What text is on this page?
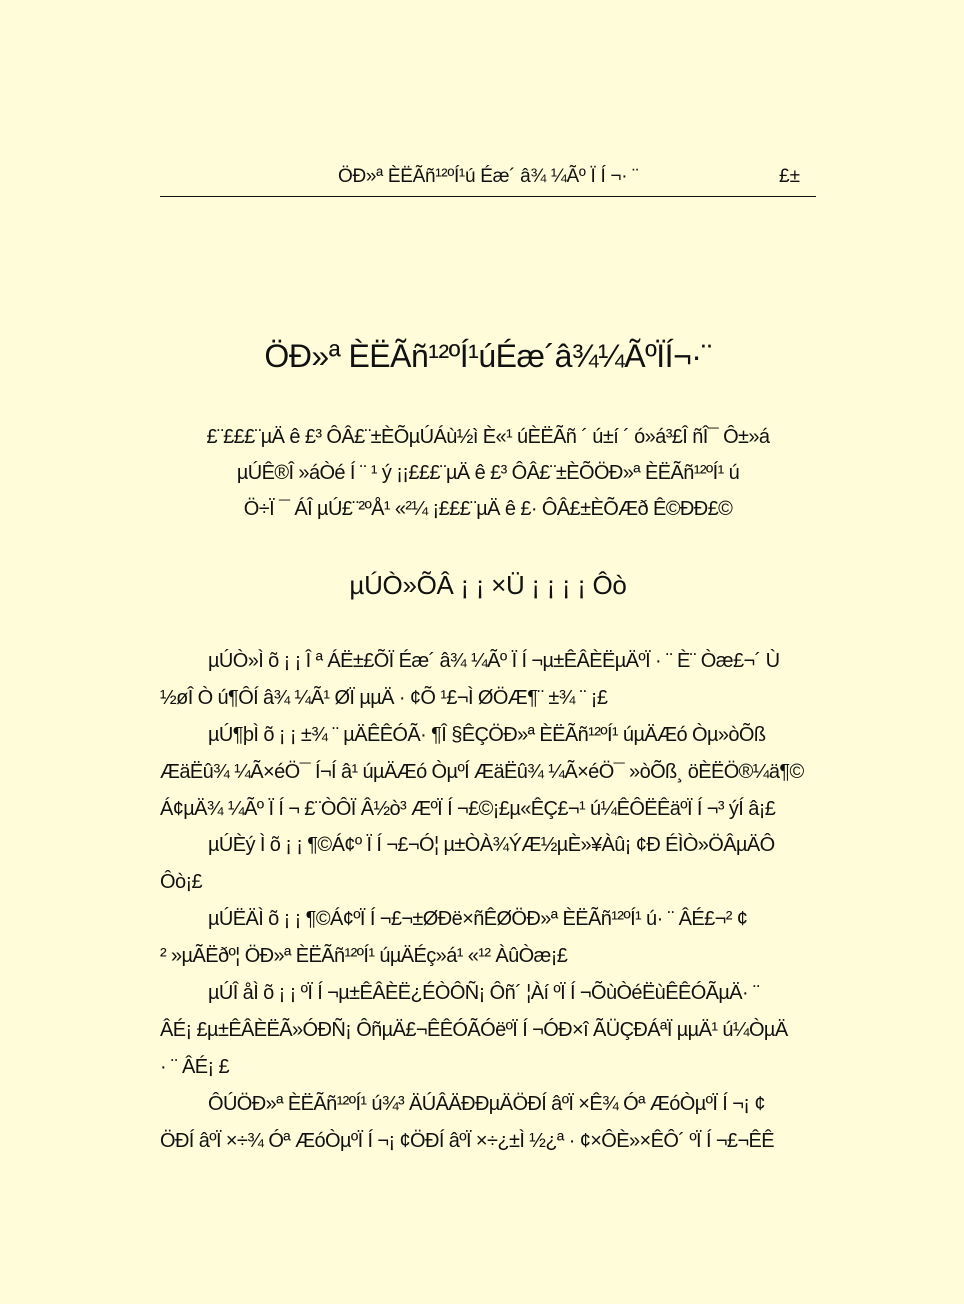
ÖÐ»ª ÈËÃñ¹²ºÍ¹ú Éæ´ â¾ ¼Ãº Ï Í ¬· ¨	£±
ÖÐ»ª ÈËÃñ¹²ºÍ¹úÉæ´â¾¼ÃºÏÍ¬·¨
£¨£££¨µÄ ê £³ ÔÂ£¨±ÈÕµÚÁù½ì È«¹ úÈËÃñ ´ ú±í ´ ó»á³£Î ñÎ¯ Ô±»á
µÚÊ®Î »áÒé Í ¨ ¹ ý ¡¡£££¨µÄ ê £³ ÔÂ£¨±ÈÕÖÐ»ª ÈËÃñ¹²ºÍ¹ ú
Ö÷Ï ¯ ÁÎ µÚ£¨²ºÅ¹ «²¼ ¡£££¨µÄ ê £· ÔÂ£±ÈÕÆð Ê©ÐÐ£©
µÚÒ»ÕÂ ¡ ¡ ×Ü ¡ ¡ ¡ ¡ Ôò
µÚÒ»Ì õ ¡ ¡ Î ª ÁË±£ÕÏ Éæ´ â¾ ¼Ãº Ï Í ¬µ±ÊÂÈËµÄºÏ · ¨ È¨ Òæ£¬´ Ù
½øÎ Ò ú¶ÔÍ â¾ ¼Ã¹ ØÏ µµÄ · ¢Õ ¹£¬Ì ØÖÆ¶¨ ±¾ ¨ ¡£
µÚ¶þÌ õ ¡ ¡ ±¾ ¨ µÄÊÊÓÃ· ¶Î §ÊÇÖÐ»ª ÈËÃñ¹²ºÍ¹ úµÄÆó Òµ»òÕß
ÆäËû¾ ¼Ã×éÖ¯ Í¬Í â¹ úµÄÆó ÒµºÍ ÆäËû¾ ¼Ã×éÖ¯ »òÕß¸ öÈËÖ®¼ä¶©
Á¢µÄ¾ ¼Ãº Ï Í ¬ £¨ÒÔÏ Â½ò³ ÆºÏ Í ¬£©¡£µ«ÊÇ£¬¹ ú¼ÊÔËÊäºÏ Í ¬³ ýÍ â¡£
µÚÈý Ì õ ¡ ¡ ¶©Á¢º Ï Í ¬£¬Ó¦ µ±ÒÀ¾ÝÆ½µÈ»¥Àû¡ ¢Ð ÉÌÒ»ÖÂµÄÔ
Ôò¡£
µÚËÄÌ õ ¡ ¡ ¶©Á¢ºÏ Í ¬£¬±ØÐë×ñÊØÖÐ»ª ÈËÃñ¹²ºÍ¹ ú· ¨ ÂÉ£¬² ¢
² »µÃËðº¦ ÖÐ»ª ÈËÃñ¹²ºÍ¹ úµÄÉç»á¹ «¹² ÀûÒæ¡£
µÚÎ åÌ õ ¡ ¡ ºÏ Í ¬µ±ÊÂÈË¿ÉÒÔÑ¡ Ôñ´ ¦Àí ºÏ Í ¬ÕùÒéËùÊÊÓÃµÄ· ¨
ÂÉ¡ £µ±ÊÂÈËÃ»ÓÐÑ¡ ÔñµÄ£¬ÊÊÓÃÓëºÏ Í ¬ÓÐ×î ÃÜÇÐÁªÏ µµÄ¹ ú¼ÒµÄ
· ¨ ÂÉ¡ £
ÔÚÖÐ»ª ÈËÃñ¹²ºÍ¹ ú¾³ ÄÚÂÄÐÐµÄÖÐÍ âºÏ ×Ê¾ Óª ÆóÒµºÏ Í ¬¡ ¢
ÖÐÍ âºÏ ×÷¾ Óª ÆóÒµºÏ Í ¬¡ ¢ÖÐÍ âºÏ ×÷¿±Ì ½¿ª · ¢×ÔÈ»×ÊÔ´ ºÏ Í ¬£¬ÊÊ
